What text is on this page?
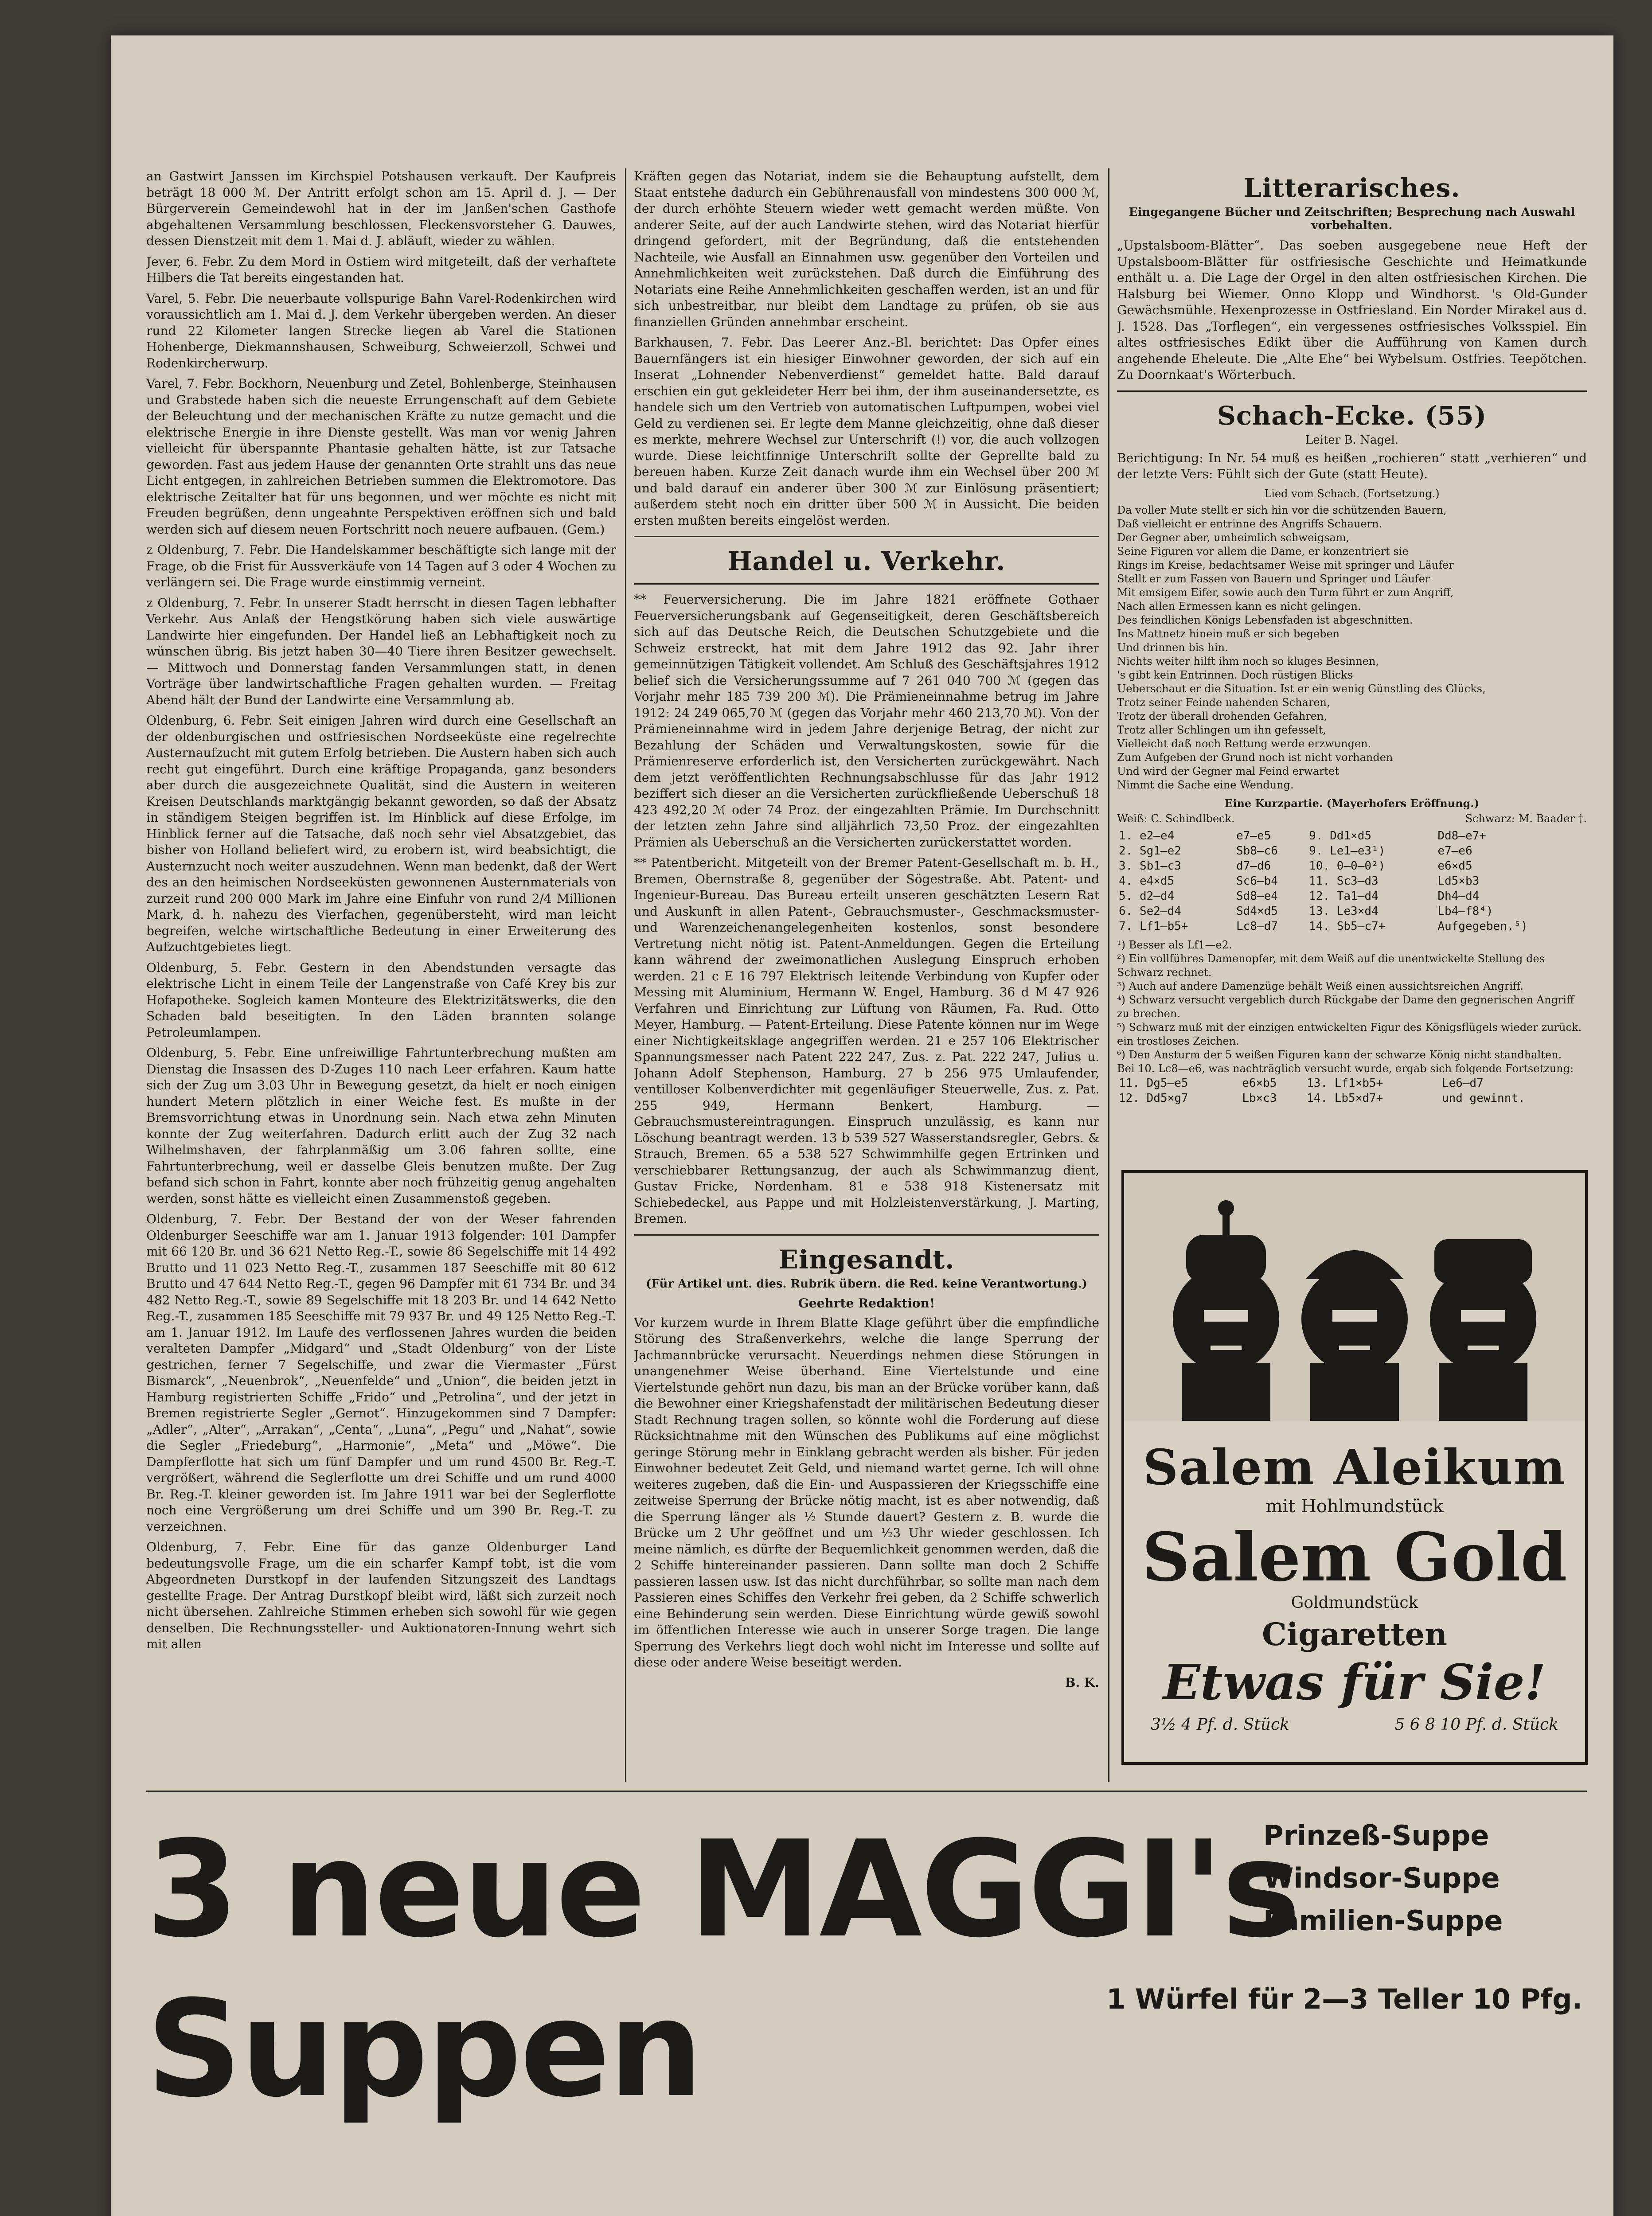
an Gastwirt Janssen im Kirchspiel Potshausen verkauft. Der Kaufpreis beträgt 18 000 ℳ. Der Antritt erfolgt schon am 15. April d. J. — Der Bürgerverein Gemeindewohl hat in der im Janßen'schen Gasthofe abgehaltenen Versammlung beschlossen, Fleckensvorsteher G. Dauwes, dessen Dienstzeit mit dem 1. Mai d. J. abläuft, wieder zu wählen.

Jever, 6. Febr. Zu dem Mord in Ostiem wird mitgeteilt, daß der verhaftete Hilbers die Tat bereits eingestanden hat.

Varel, 5. Febr. Die neuerbaute vollspurige Bahn Varel-Rodenkirchen wird voraussichtlich am 1. Mai d. J. dem Verkehr übergeben werden. An dieser rund 22 Kilometer langen Strecke liegen ab Varel die Stationen Hohenberge, Diekmannshausen, Schweiburg, Schweierzoll, Schwei und Rodenkircherwurp.

Varel, 7. Febr. Bockhorn, Neuenburg und Zetel, Bohlenberge, Steinhausen und Grabstede haben sich die neueste Errungenschaft auf dem Gebiete der Beleuchtung und der mechanischen Kräfte zu nutze gemacht und die elektrische Energie in ihre Dienste gestellt. Was man vor wenig Jahren vielleicht für überspannte Phantasie gehalten hätte, ist zur Tatsache geworden. Fast aus jedem Hause der genannten Orte strahlt uns das neue Licht entgegen, in zahlreichen Betrieben summen die Elektromotore. Das elektrische Zeitalter hat für uns begonnen, und wer möchte es nicht mit Freuden begrüßen, denn ungeahnte Perspektiven eröffnen sich und bald werden sich auf diesem neuen Fortschritt noch neuere aufbauen. (Gem.)

z Oldenburg, 7. Febr. Die Handelskammer beschäftigte sich lange mit der Frage, ob die Frist für Aussverkäufe von 14 Tagen auf 3 oder 4 Wochen zu verlängern sei. Die Frage wurde einstimmig verneint.

z Oldenburg, 7. Febr. In unserer Stadt herrscht in diesen Tagen lebhafter Verkehr. Aus Anlaß der Hengstkörung haben sich viele auswärtige Landwirte hier eingefunden. Der Handel ließ an Lebhaftigkeit noch zu wünschen übrig. Bis jetzt haben 30—40 Tiere ihren Besitzer gewechselt. — Mittwoch und Donnerstag fanden Versammlungen statt, in denen Vorträge über landwirtschaftliche Fragen gehalten wurden. — Freitag Abend hält der Bund der Landwirte eine Versammlung ab.

Oldenburg, 6. Febr. Seit einigen Jahren wird durch eine Gesellschaft an der oldenburgischen und ostfriesischen Nordseeküste eine regelrechte Austernaufzucht mit gutem Erfolg betrieben. Die Austern haben sich auch recht gut eingeführt. Durch eine kräftige Propaganda, ganz besonders aber durch die ausgezeichnete Qualität, sind die Austern in weiteren Kreisen Deutschlands marktgängig bekannt geworden, so daß der Absatz in ständigem Steigen begriffen ist. Im Hinblick auf diese Erfolge, im Hinblick ferner auf die Tatsache, daß noch sehr viel Absatzgebiet, das bisher von Holland beliefert wird, zu erobern ist, wird beabsichtigt, die Austernzucht noch weiter auszudehnen. Wenn man bedenkt, daß der Wert des an den heimischen Nordseeküsten gewonnenen Austernmaterials von zurzeit rund 200 000 Mark im Jahre eine Einfuhr von rund 2/4 Millionen Mark, d. h. nahezu des Vierfachen, gegenübersteht, wird man leicht begreifen, welche wirtschaftliche Bedeutung in einer Erweiterung des Aufzuchtgebietes liegt.

Oldenburg, 5. Febr. Gestern in den Abendstunden versagte das elektrische Licht in einem Teile der Langenstraße von Café Krey bis zur Hofapotheke. Sogleich kamen Monteure des Elektrizitätswerks, die den Schaden bald beseitigten. In den Läden brannten solange Petroleumlampen.

Oldenburg, 5. Febr. Eine unfreiwillige Fahrtunterbrechung mußten am Dienstag die Insassen des D-Zuges 110 nach Leer erfahren. Kaum hatte sich der Zug um 3.03 Uhr in Bewegung gesetzt, da hielt er noch einigen hundert Metern plötzlich in einer Weiche fest. Es mußte in der Bremsvorrichtung etwas in Unordnung sein. Nach etwa zehn Minuten konnte der Zug weiterfahren. Dadurch erlitt auch der Zug 32 nach Wilhelmshaven, der fahrplanmäßig um 3.06 fahren sollte, eine Fahrtunterbrechung, weil er dasselbe Gleis benutzen mußte. Der Zug befand sich schon in Fahrt, konnte aber noch frühzeitig genug angehalten werden, sonst hätte es vielleicht einen Zusammenstoß gegeben.

Oldenburg, 7. Febr. Der Bestand der von der Weser fahrenden Oldenburger Seeschiffe war am 1. Januar 1913 folgender: 101 Dampfer mit 66 120 Br. und 36 621 Netto Reg.-T., sowie 86 Segelschiffe mit 14 492 Brutto und 11 023 Netto Reg.-T., zusammen 187 Seeschiffe mit 80 612 Brutto und 47 644 Netto Reg.-T., gegen 96 Dampfer mit 61 734 Br. und 34 482 Netto Reg.-T., sowie 89 Segelschiffe mit 18 203 Br. und 14 642 Netto Reg.-T., zusammen 185 Seeschiffe mit 79 937 Br. und 49 125 Netto Reg.-T. am 1. Januar 1912. Im Laufe des verflossenen Jahres wurden die beiden veralteten Dampfer „Midgard“ und „Stadt Oldenburg“ von der Liste gestrichen, ferner 7 Segelschiffe, und zwar die Viermaster „Fürst Bismarck“, „Neuenbrok“, „Neuenfelde“ und „Union“, die beiden jetzt in Hamburg registrierten Schiffe „Frido“ und „Petrolina“, und der jetzt in Bremen registrierte Segler „Gernot“. Hinzugekommen sind 7 Dampfer: „Adler“, „Alter“, „Arrakan“, „Centa“, „Luna“, „Pegu“ und „Nahat“, sowie die Segler „Friedeburg“, „Harmonie“, „Meta“ und „Möwe“. Die Dampferflotte hat sich um fünf Dampfer und um rund 4500 Br. Reg.-T. vergrößert, während die Seglerflotte um drei Schiffe und um rund 4000 Br. Reg.-T. kleiner geworden ist. Im Jahre 1911 war bei der Seglerflotte noch eine Vergrößerung um drei Schiffe und um 390 Br. Reg.-T. zu verzeichnen.

Oldenburg, 7. Febr. Eine für das ganze Oldenburger Land bedeutungsvolle Frage, um die ein scharfer Kampf tobt, ist die vom Abgeordneten Durstkopf in der laufenden Sitzungszeit des Landtags gestellte Frage. Der Antrag Durstkopf bleibt wird, läßt sich zurzeit noch nicht übersehen. Zahlreiche Stimmen erheben sich sowohl für wie gegen denselben. Die Rechnungssteller- und Auktionatoren-Innung wehrt sich mit allen

Kräften gegen das Notariat, indem sie die Behauptung aufstellt, dem Staat entstehe dadurch ein Gebührenausfall von mindestens 300 000 ℳ, der durch erhöhte Steuern wieder wett gemacht werden müßte. Von anderer Seite, auf der auch Landwirte stehen, wird das Notariat hierfür dringend gefordert, mit der Begründung, daß die entstehenden Nachteile, wie Ausfall an Einnahmen usw. gegenüber den Vorteilen und Annehmlichkeiten weit zurückstehen. Daß durch die Einführung des Notariats eine Reihe Annehmlichkeiten geschaffen werden, ist an und für sich unbestreitbar, nur bleibt dem Landtage zu prüfen, ob sie aus finanziellen Gründen annehmbar erscheint.

Barkhausen, 7. Febr. Das Leerer Anz.-Bl. berichtet: Das Opfer eines Bauernfängers ist ein hiesiger Einwohner geworden, der sich auf ein Inserat „Lohnender Nebenverdienst“ gemeldet hatte. Bald darauf erschien ein gut gekleideter Herr bei ihm, der ihm auseinandersetzte, es handele sich um den Vertrieb von automatischen Luftpumpen, wobei viel Geld zu verdienen sei. Er legte dem Manne gleichzeitig, ohne daß dieser es merkte, mehrere Wechsel zur Unterschrift (!) vor, die auch vollzogen wurde. Diese leichtfinnige Unterschrift sollte der Geprellte bald zu bereuen haben. Kurze Zeit danach wurde ihm ein Wechsel über 200 ℳ und bald darauf ein anderer über 300 ℳ zur Einlösung präsentiert; außerdem steht noch ein dritter über 500 ℳ in Aussicht. Die beiden ersten mußten bereits eingelöst werden.

Handel u. Verkehr.

** Feuerversicherung. Die im Jahre 1821 eröffnete Gothaer Feuerversicherungsbank auf Gegenseitigkeit, deren Geschäftsbereich sich auf das Deutsche Reich, die Deutschen Schutzgebiete und die Schweiz erstreckt, hat mit dem Jahre 1912 das 92. Jahr ihrer gemeinnützigen Tätigkeit vollendet. Am Schluß des Geschäftsjahres 1912 belief sich die Versicherungssumme auf 7 261 040 700 ℳ (gegen das Vorjahr mehr 185 739 200 ℳ). Die Prämieneinnahme betrug im Jahre 1912: 24 249 065,70 ℳ (gegen das Vorjahr mehr 460 213,70 ℳ). Von der Prämieneinnahme wird in jedem Jahre derjenige Betrag, der nicht zur Bezahlung der Schäden und Verwaltungskosten, sowie für die Prämienreserve erforderlich ist, den Versicherten zurückgewährt. Nach dem jetzt veröffentlichten Rechnungsabschlusse für das Jahr 1912 beziffert sich dieser an die Versicherten zurückfließende Ueberschuß 18 423 492,20 ℳ oder 74 Proz. der eingezahlten Prämie. Im Durchschnitt der letzten zehn Jahre sind alljährlich 73,50 Proz. der eingezahlten Prämien als Ueberschuß an die Versicherten zurückerstattet worden.

** Patentbericht. Mitgeteilt von der Bremer Patent-Gesellschaft m. b. H., Bremen, Obernstraße 8, gegenüber der Sögestraße. Abt. Patent- und Ingenieur-Bureau. Das Bureau erteilt unseren geschätzten Lesern Rat und Auskunft in allen Patent-, Gebrauchsmuster-, Geschmacksmuster- und Warenzeichenangelegenheiten kostenlos, sonst besondere Vertretung nicht nötig ist. Patent-Anmeldungen. Gegen die Erteilung kann während der zweimonatlichen Auslegung Einspruch erhoben werden. 21 c E 16 797 Elektrisch leitende Verbindung von Kupfer oder Messing mit Aluminium, Hermann W. Engel, Hamburg. 36 d M 47 926 Verfahren und Einrichtung zur Lüftung von Räumen, Fa. Rud. Otto Meyer, Hamburg. — Patent-Erteilung. Diese Patente können nur im Wege einer Nichtigkeitsklage angegriffen werden. 21 e 257 106 Elektrischer Spannungsmesser nach Patent 222 247, Zus. z. Pat. 222 247, Julius u. Johann Adolf Stephenson, Hamburg. 27 b 256 975 Umlaufender, ventilloser Kolbenverdichter mit gegenläufiger Steuerwelle, Zus. z. Pat. 255 949, Hermann Benkert, Hamburg. — Gebrauchsmustereintragungen. Einspruch unzulässig, es kann nur Löschung beantragt werden. 13 b 539 527 Wasserstandsregler, Gebrs. & Strauch, Bremen. 65 a 538 527 Schwimmhilfe gegen Ertrinken und verschiebbarer Rettungsanzug, der auch als Schwimmanzug dient, Gustav Fricke, Nordenham. 81 e 538 918 Kistenersatz mit Schiebedeckel, aus Pappe und mit Holzleistenverstärkung, J. Marting, Bremen.

Eingesandt.
(Für Artikel unt. dies. Rubrik übern. die Red. keine Verantwortung.)
Geehrte Redaktion!

Vor kurzem wurde in Ihrem Blatte Klage geführt über die empfindliche Störung des Straßenverkehrs, welche die lange Sperrung der Jachmannbrücke verursacht. Neuerdings nehmen diese Störungen in unangenehmer Weise überhand. Eine Viertelstunde und eine Viertelstunde gehört nun dazu, bis man an der Brücke vorüber kann, daß die Bewohner einer Kriegshafenstadt der militärischen Bedeutung dieser Stadt Rechnung tragen sollen, so könnte wohl die Forderung auf diese Rücksichtnahme mit den Wünschen des Publikums auf eine möglichst geringe Störung mehr in Einklang gebracht werden als bisher. Für jeden Einwohner bedeutet Zeit Geld, und niemand wartet gerne. Ich will ohne weiteres zugeben, daß die Ein- und Auspassieren der Kriegsschiffe eine zeitweise Sperrung der Brücke nötig macht, ist es aber notwendig, daß die Sperrung länger als ½ Stunde dauert? Gestern z. B. wurde die Brücke um 2 Uhr geöffnet und um ½3 Uhr wieder geschlossen. Ich meine nämlich, es dürfte der Bequemlichkeit genommen werden, daß die 2 Schiffe hintereinander passieren. Dann sollte man doch 2 Schiffe passieren lassen usw. Ist das nicht durchführbar, so sollte man nach dem Passieren eines Schiffes den Verkehr frei geben, da 2 Schiffe schwerlich eine Behinderung sein werden. Diese Einrichtung würde gewiß sowohl im öffentlichen Interesse wie auch in unserer Sorge tragen. Die lange Sperrung des Verkehrs liegt doch wohl nicht im Interesse und sollte auf diese oder andere Weise beseitigt werden.

B. K.
Litterarisches.
Eingegangene Bücher und Zeitschriften; Besprechung nach Auswahl vorbehalten.

„Upstalsboom-Blätter“. Das soeben ausgegebene neue Heft der Upstalsboom-Blätter für ostfriesische Geschichte und Heimatkunde enthält u. a. Die Lage der Orgel in den alten ostfriesischen Kirchen. Die Halsburg bei Wiemer. Onno Klopp und Windhorst. 's Old-Gunder Gewächsmühle. Hexenprozesse in Ostfriesland. Ein Norder Mirakel aus d. J. 1528. Das „Torflegen“, ein vergessenes ostfriesisches Volksspiel. Ein altes ostfriesisches Edikt über die Aufführung von Kamen durch angehende Eheleute. Die „Alte Ehe“ bei Wybelsum. Ostfries. Teepötchen. Zu Doornkaat's Wörterbuch.

Schach-Ecke. (55)
Leiter B. Nagel.

Berichtigung: In Nr. 54 muß es heißen „rochieren“ statt „verhieren“ und der letzte Vers: Fühlt sich der Gute (statt Heute).

Lied vom Schach. (Fortsetzung.)
Da voller Mute stellt er sich hin vor die schützenden Bauern,
Daß vielleicht er entrinne des Angriffs Schauern.
Der Gegner aber, umheimlich schweigsam,
Seine Figuren vor allem die Dame, er konzentriert sie
Rings im Kreise, bedachtsamer Weise mit springer und Läufer
Stellt er zum Fassen von Bauern und Springer und Läufer
Mit emsigem Eifer, sowie auch den Turm führt er zum Angriff,
Nach allen Ermessen kann es nicht gelingen.
Des feindlichen Königs Lebensfaden ist abgeschnitten.
Ins Mattnetz hinein muß er sich begeben
Und drinnen bis hin.
Nichts weiter hilft ihm noch so kluges Besinnen,
's gibt kein Entrinnen. Doch rüstigen Blicks
Ueberschaut er die Situation. Ist er ein wenig Günstling des Glücks,
Trotz seiner Feinde nahenden Scharen,
Trotz der überall drohenden Gefahren,
Trotz aller Schlingen um ihn gefesselt,
Vielleicht daß noch Rettung werde erzwungen.
Zum Aufgeben der Grund noch ist nicht vorhanden
Und wird der Gegner mal Feind erwartet
Nimmt die Sache eine Wendung.
Eine Kurzpartie. (Mayerhofers Eröffnung.)
Weiß: C. Schindlbeck.	Schwarz: M. Baader †.
1. e2—e4	e7—e5	9. Dd1×d5	Dd8—e7+
2. Sg1—e2	Sb8—c6	9. Le1—e3¹)	e7—e6
3. Sb1—c3	d7—d6	10. 0—0—0²)	e6×d5
4. e4×d5	Sc6—b4	11. Sc3—d3	Ld5×b3
5. d2—d4	Sd8—e4	12. Ta1—d4	Dh4—d4
6. Se2—d4	Sd4×d5	13. Le3×d4	Lb4—f8⁴)
7. Lf1—b5+	Lc8—d7	14. Sb5—c7+	Aufgegeben.⁵)
¹) Besser als Lf1—e2.
²) Ein vollführes Damenopfer, mit dem Weiß auf die unentwickelte Stellung des Schwarz rechnet.
³) Auch auf andere Damenzüge behält Weiß einen aussichtsreichen Angriff.
⁴) Schwarz versucht vergeblich durch Rückgabe der Dame den gegnerischen Angriff zu brechen.
⁵) Schwarz muß mit der einzigen entwickelten Figur des Königsflügels wieder zurück. ein trostloses Zeichen.
⁶) Den Ansturm der 5 weißen Figuren kann der schwarze König nicht standhalten.
Bei 10. Lc8—e6, was nachträglich versucht wurde, ergab sich folgende Fortsetzung:
11. Dg5—e5	e6×b5	13. Lf1×b5+	Le6—d7
12. Dd5×g7	Lb×c3	14. Lb5×d7+	und gewinnt.
Salem Aleikum
mit Hohlmundstück
Salem Gold
Goldmundstück
Cigaretten
Etwas für Sie!
3½ 4 Pf. d. Stück	5 6 8 10 Pf. d. Stück
3 neue MAGGI's Suppen
Prinzeß-Suppe
Windsor-Suppe
Familien-Suppe
1 Würfel für 2—3 Teller 10 Pfg.
